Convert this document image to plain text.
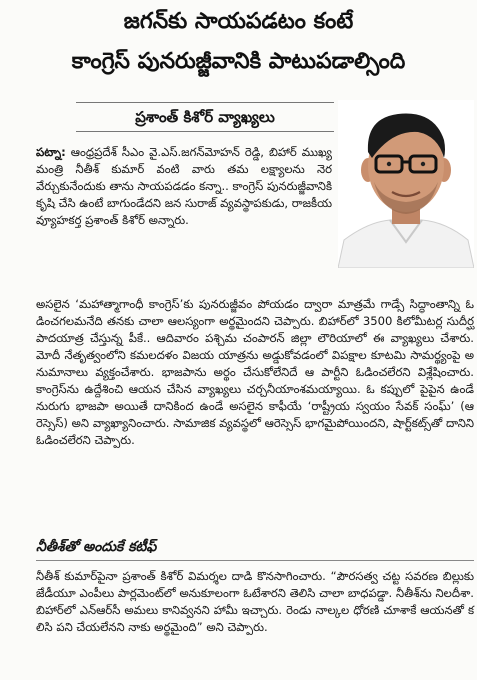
జగన్‌కు సాయపడటం కంటే
కాంగ్రెస్ పునరుజ్జీవానికి పాటుపడాల్సింది
ప్రశాంత్ కిశోర్ వ్యాఖ్యలు
పట్నా: ఆంధ్రప్రదేశ్ సీఎం వై.ఎస్.జగన్‌మోహన్ రెడ్డి, బిహార్ ముఖ్యమంత్రి నీతీశ్ కుమార్ వంటి వారు తమ లక్ష్యాలను నెరవేర్చుకునేందుకు తాను సాయపడడం కన్నా.. కాంగ్రెస్ పునరుజ్జీవానికి కృషి చేసి ఉంటే బాగుండేదని జన సురాజ్ వ్యవస్థాపకుడు, రాజకీయ వ్యూహకర్త ప్రశాంత్ కిశోర్ అన్నారు.
అసలైన ‘మహాత్మాగాంధీ కాంగ్రెస్’కు పునరుజ్జీవం పోయడం ద్వారా మాత్రమే గాడ్సే సిద్ధాంతాన్ని ఓడించగలమనేది తనకు చాలా ఆలస్యంగా అర్థమైందని చెప్పారు. బిహార్‌లో 3500 కిలోమీటర్ల సుదీర్ఘ పాదయాత్ర చేస్తున్న పీకే.. ఆదివారం పశ్చిమ చంపారన్ జిల్లా లౌరియాలో ఈ వ్యాఖ్యలు చేశారు. మోదీ నేతృత్వంలోని కమలదళం విజయ యాత్రను అడ్డుకోవడంలో విపక్షాల కూటమి సామర్థ్యంపై అనుమానాలు వ్యక్తంచేశారు. భాజపాను అర్థం చేసుకోలేనిదే ఆ పార్టీని ఓడించలేరని విశ్లేషించారు. కాంగ్రెస్‌ను ఉద్దేశించి ఆయన చేసిన వ్యాఖ్యలు చర్చనీయాంశమయ్యాయి. ఓ కప్పులో పైపైన ఉండే నురుగు భాజపా అయితే దానికింద ఉండే అసలైన కాఫీయే ‘రాష్ట్రీయ స్వయం సేవక్ సంఘ్’ (ఆరెస్సెస్) అని వ్యాఖ్యానించారు. సామాజిక వ్యవస్థలో ఆరెస్సెస్ భాగమైపోయిందని, షార్ట్‌కట్స్‌తో దానిని ఓడించలేరని చెప్పారు.
నీతీశ్‌తో అందుకే కటీఫ్
నీతీశ్ కుమార్‌పైనా ప్రశాంత్ కిశోర్ విమర్శల దాడి కొనసాగించారు. “పౌరసత్వ చట్ట సవరణ బిల్లుకు జేడీయూ ఎంపీలు పార్లమెంట్‌లో అనుకూలంగా ఓటేశారని తెలిసి చాలా బాధపడ్డా. నీతీశ్‌ను నిలదీశా. బిహార్‌లో ఎన్‌ఆర్‌సీ అమలు కానివ్వనని హామీ ఇచ్చారు. రెండు నాల్కల ధోరణి చూశాకే ఆయనతో కలిసి పని చేయలేనని నాకు అర్థమైంది” అని చెప్పారు.
